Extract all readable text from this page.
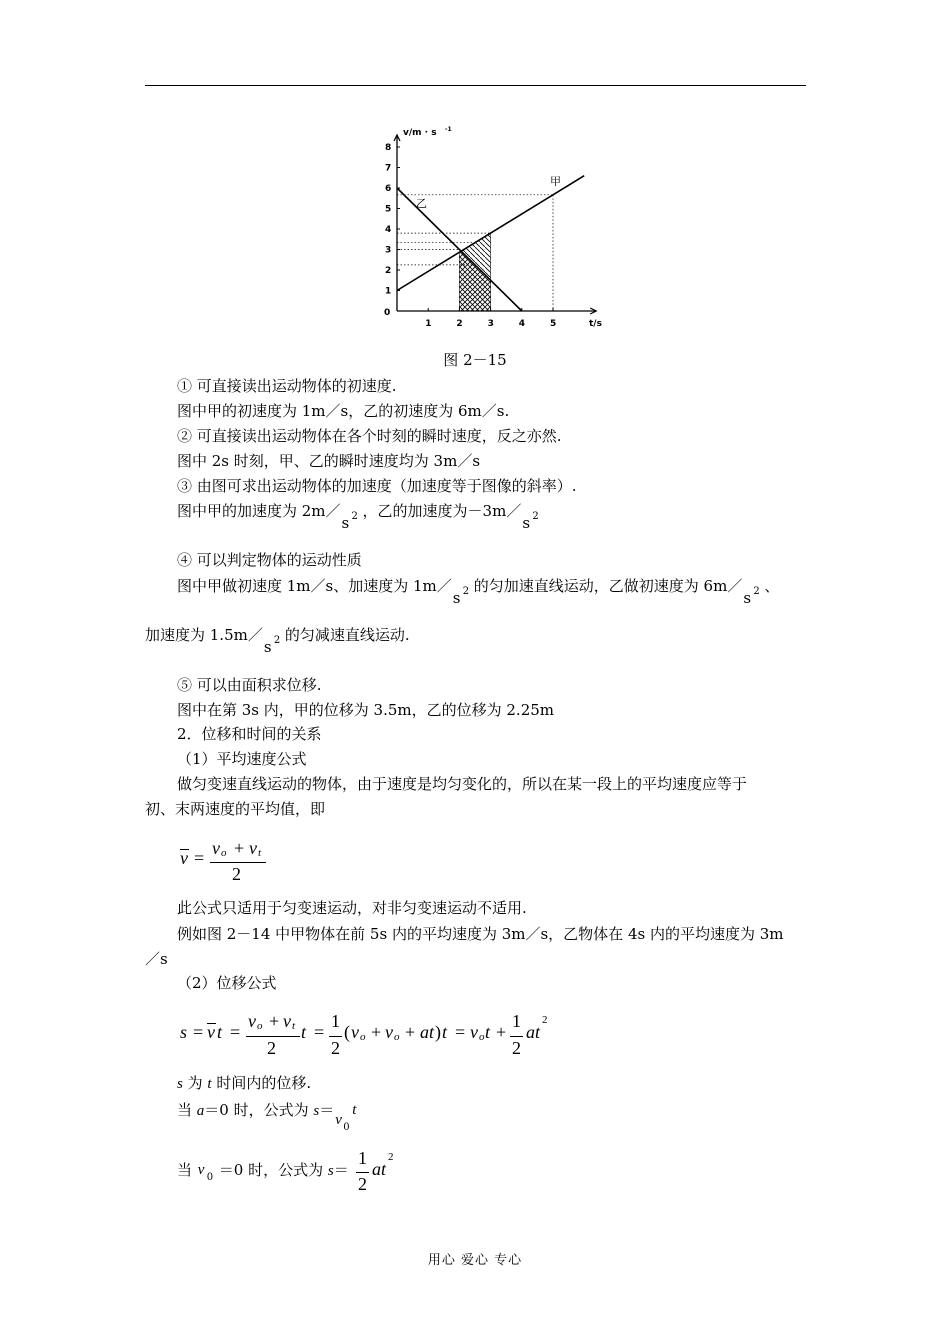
1
2
3
4
5
6
7
8
1	2	3	4	5
v/m · s -1
t/s
0
甲
乙
图 2－15
① 可直接读出运动物体的初速度.
图中甲的初速度为 1m／s，乙的初速度为 6m／s.
② 可直接读出运动物体在各个时刻的瞬时速度，反之亦然.
图中 2s 时刻，甲、乙的瞬时速度均为 3m／s
③ 由图可求出运动物体的加速度（加速度等于图像的斜率）.
图中甲的加速度为 2m／
s 2 ，乙的加速度为－3m／
s 2
④ 可以判定物体的运动性质
图中甲做初速度 1m／s、加速度为 1m／
s 2 的匀加速直线运动，乙做初速度为 6m／
s 2 、
加速度为 1.5m／
s 2 的匀减速直线运动.
⑤ 可以由面积求位移.
图中在第 3s 内，甲的位移为 3.5m，乙的位移为 2.25m
2．位移和时间的关系
（1）平均速度公式
做匀变速直线运动的物体，由于速度是均匀变化的，所以在某一段上的平均速度应等于
初、末两速度的平均值，即
v = v o + v t
2
此公式只适用于匀变速运动，对非匀变速运动不适用.
例如图 2－14 中甲物体在前 5s 内的平均速度为 3m／s，乙物体在 4s 内的平均速度为 3m
／s
（2）位移公式
s = v t =
v o + v t
2
t =
1
2
( v o + v o + a t ) t = v o t +
1
2
a t
2
s 为 t 时间内的位移.
当 a＝0 时，公式为 s＝
v 0
t
当 v 0 ＝0 时，公式为 s＝
1
2
a t
2
用心 爱心 专心
